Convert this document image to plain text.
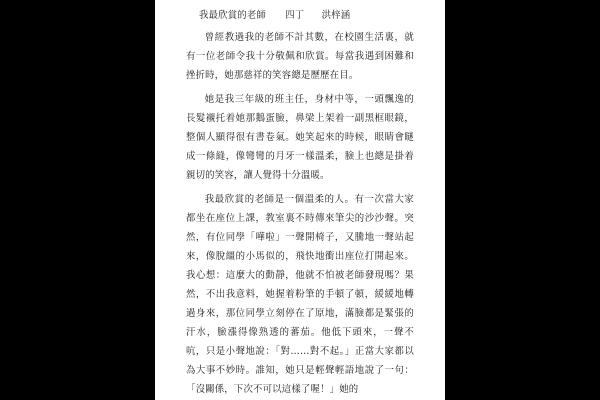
我最欣賞的老師 四丁 洪梓涵

曾經教過我的老師不計其數，在校園生活裏，就有一位老師令我十分敬佩和欣賞。每當我遇到困難和挫折時，她那慈祥的笑容總是歷歷在目。

她是我三年級的班主任，身材中等，一頭飄逸的長髮襯托着她那鵝蛋臉，鼻梁上架着一副黑框眼鏡，整個人顯得很有書卷氣。她笑起來的時候，眼睛會瞇成一條縫，像彎彎的月牙一樣溫柔，臉上也總是掛着親切的笑容，讓人覺得十分溫暖。

我最欣賞的老師是一個溫柔的人。有一次當大家都坐在座位上課，教室裏不時傳來筆尖的沙沙聲。突然，有位同學「嘩啦」一聲開椅子，又騰地一聲站起來，像脫繮的小馬似的，飛快地衝出座位打開起來。我心想：這麼大的動靜，他就不怕被老師發現嗎？果然，不出我意料，她握着粉筆的手頓了頓，緩緩地轉過身來，那位同學立刻停在了原地，滿臉都是緊張的汗水，臉漲得像熟透的蕃茄。他低下頭來，一聲不吭，只是小聲地說：「對……對不起。」正當大家都以為大事不妙時。誰知，她只是輕聲輕語地說了一句：「沒關係，下次不可以這樣了喔！」她的
